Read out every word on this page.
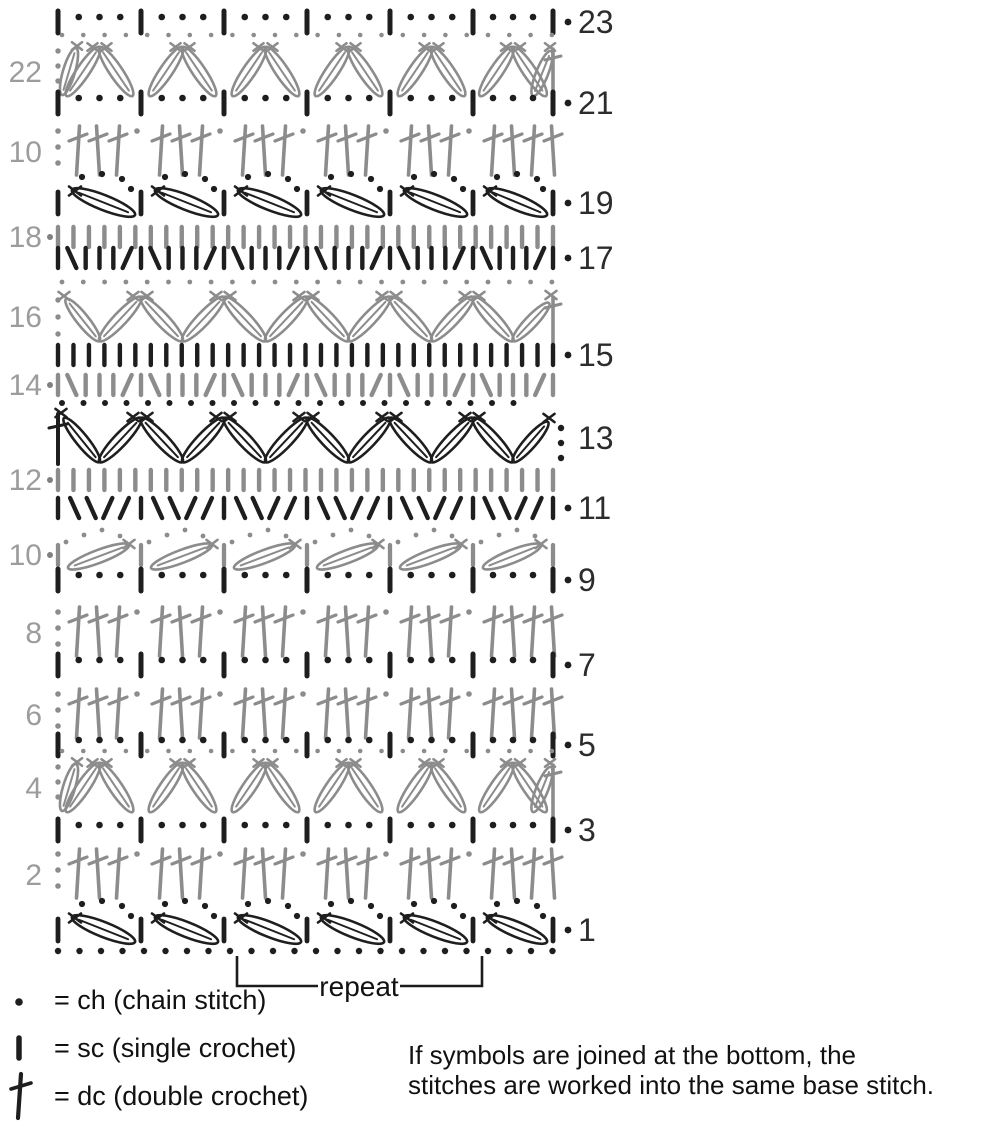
repeat
23
22
21
10
19
18
17
16
15
14
13
12
11
10
9
8
7
6
5
4
3
2
1
= ch (chain stitch)
= sc (single crochet)
= dc (double crochet)
If symbols are joined at the bottom, the
stitches are worked into the same base stitch.
